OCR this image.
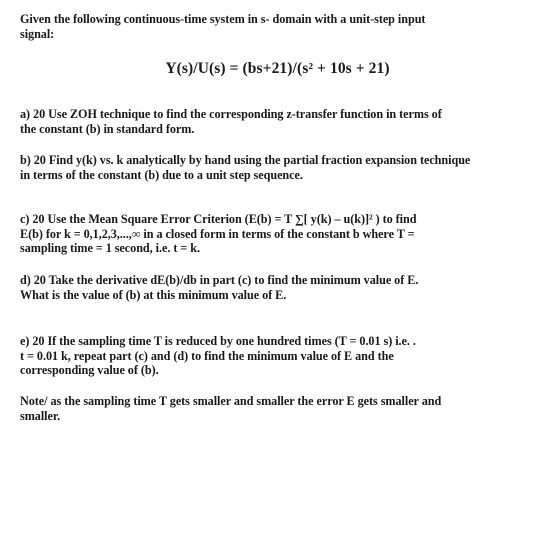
Given the following continuous-time system in s- domain with a unit-step input
signal:
Y(s)/U(s) = (bs+21)/(s² + 10s + 21)
a) 20 Use ZOH technique to find the corresponding z-transfer function in terms of
the constant (b) in standard form.
b) 20 Find y(k) vs. k analytically by hand using the partial fraction expansion technique
in terms of the constant (b) due to a unit step sequence.
c) 20 Use the Mean Square Error Criterion (E(b) = T ∑[ y(k) – u(k)]² ) to find
E(b) for k = 0,1,2,3,...,∞ in a closed form in terms of the constant b where T =
sampling time = 1 second, i.e. t = k.
d) 20 Take the derivative dE(b)/db in part (c) to find the minimum value of E.
What is the value of (b) at this minimum value of E.
e) 20 If the sampling time T is reduced by one hundred times (T = 0.01 s) i.e. .
t = 0.01 k, repeat part (c) and (d) to find the minimum value of E and the
corresponding value of (b).
Note/ as the sampling time T gets smaller and smaller the error E gets smaller and
smaller.
